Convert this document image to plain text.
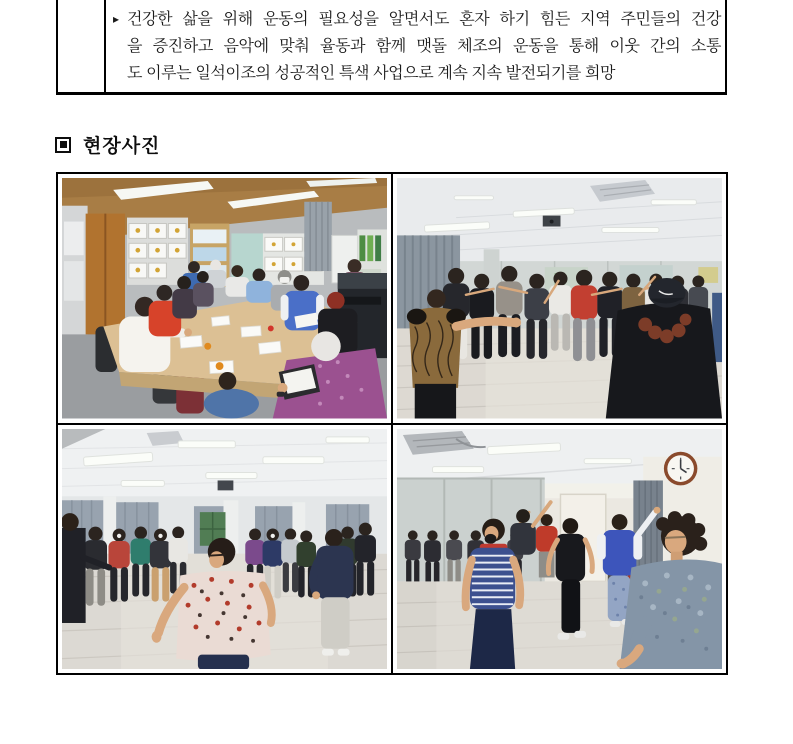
▸ 건강한 삶을 위해 운동의 필요성을 알면서도 혼자 하기 힘든 지역 주민들의 건강
을 증진하고 음악에 맞춰 율동과 함께 맷돌 체조의 운동을 통해 이웃 간의 소통
도 이루는 일석이조의 성공적인 특색 사업으로 계속 지속 발전되기를 희망
현장사진
